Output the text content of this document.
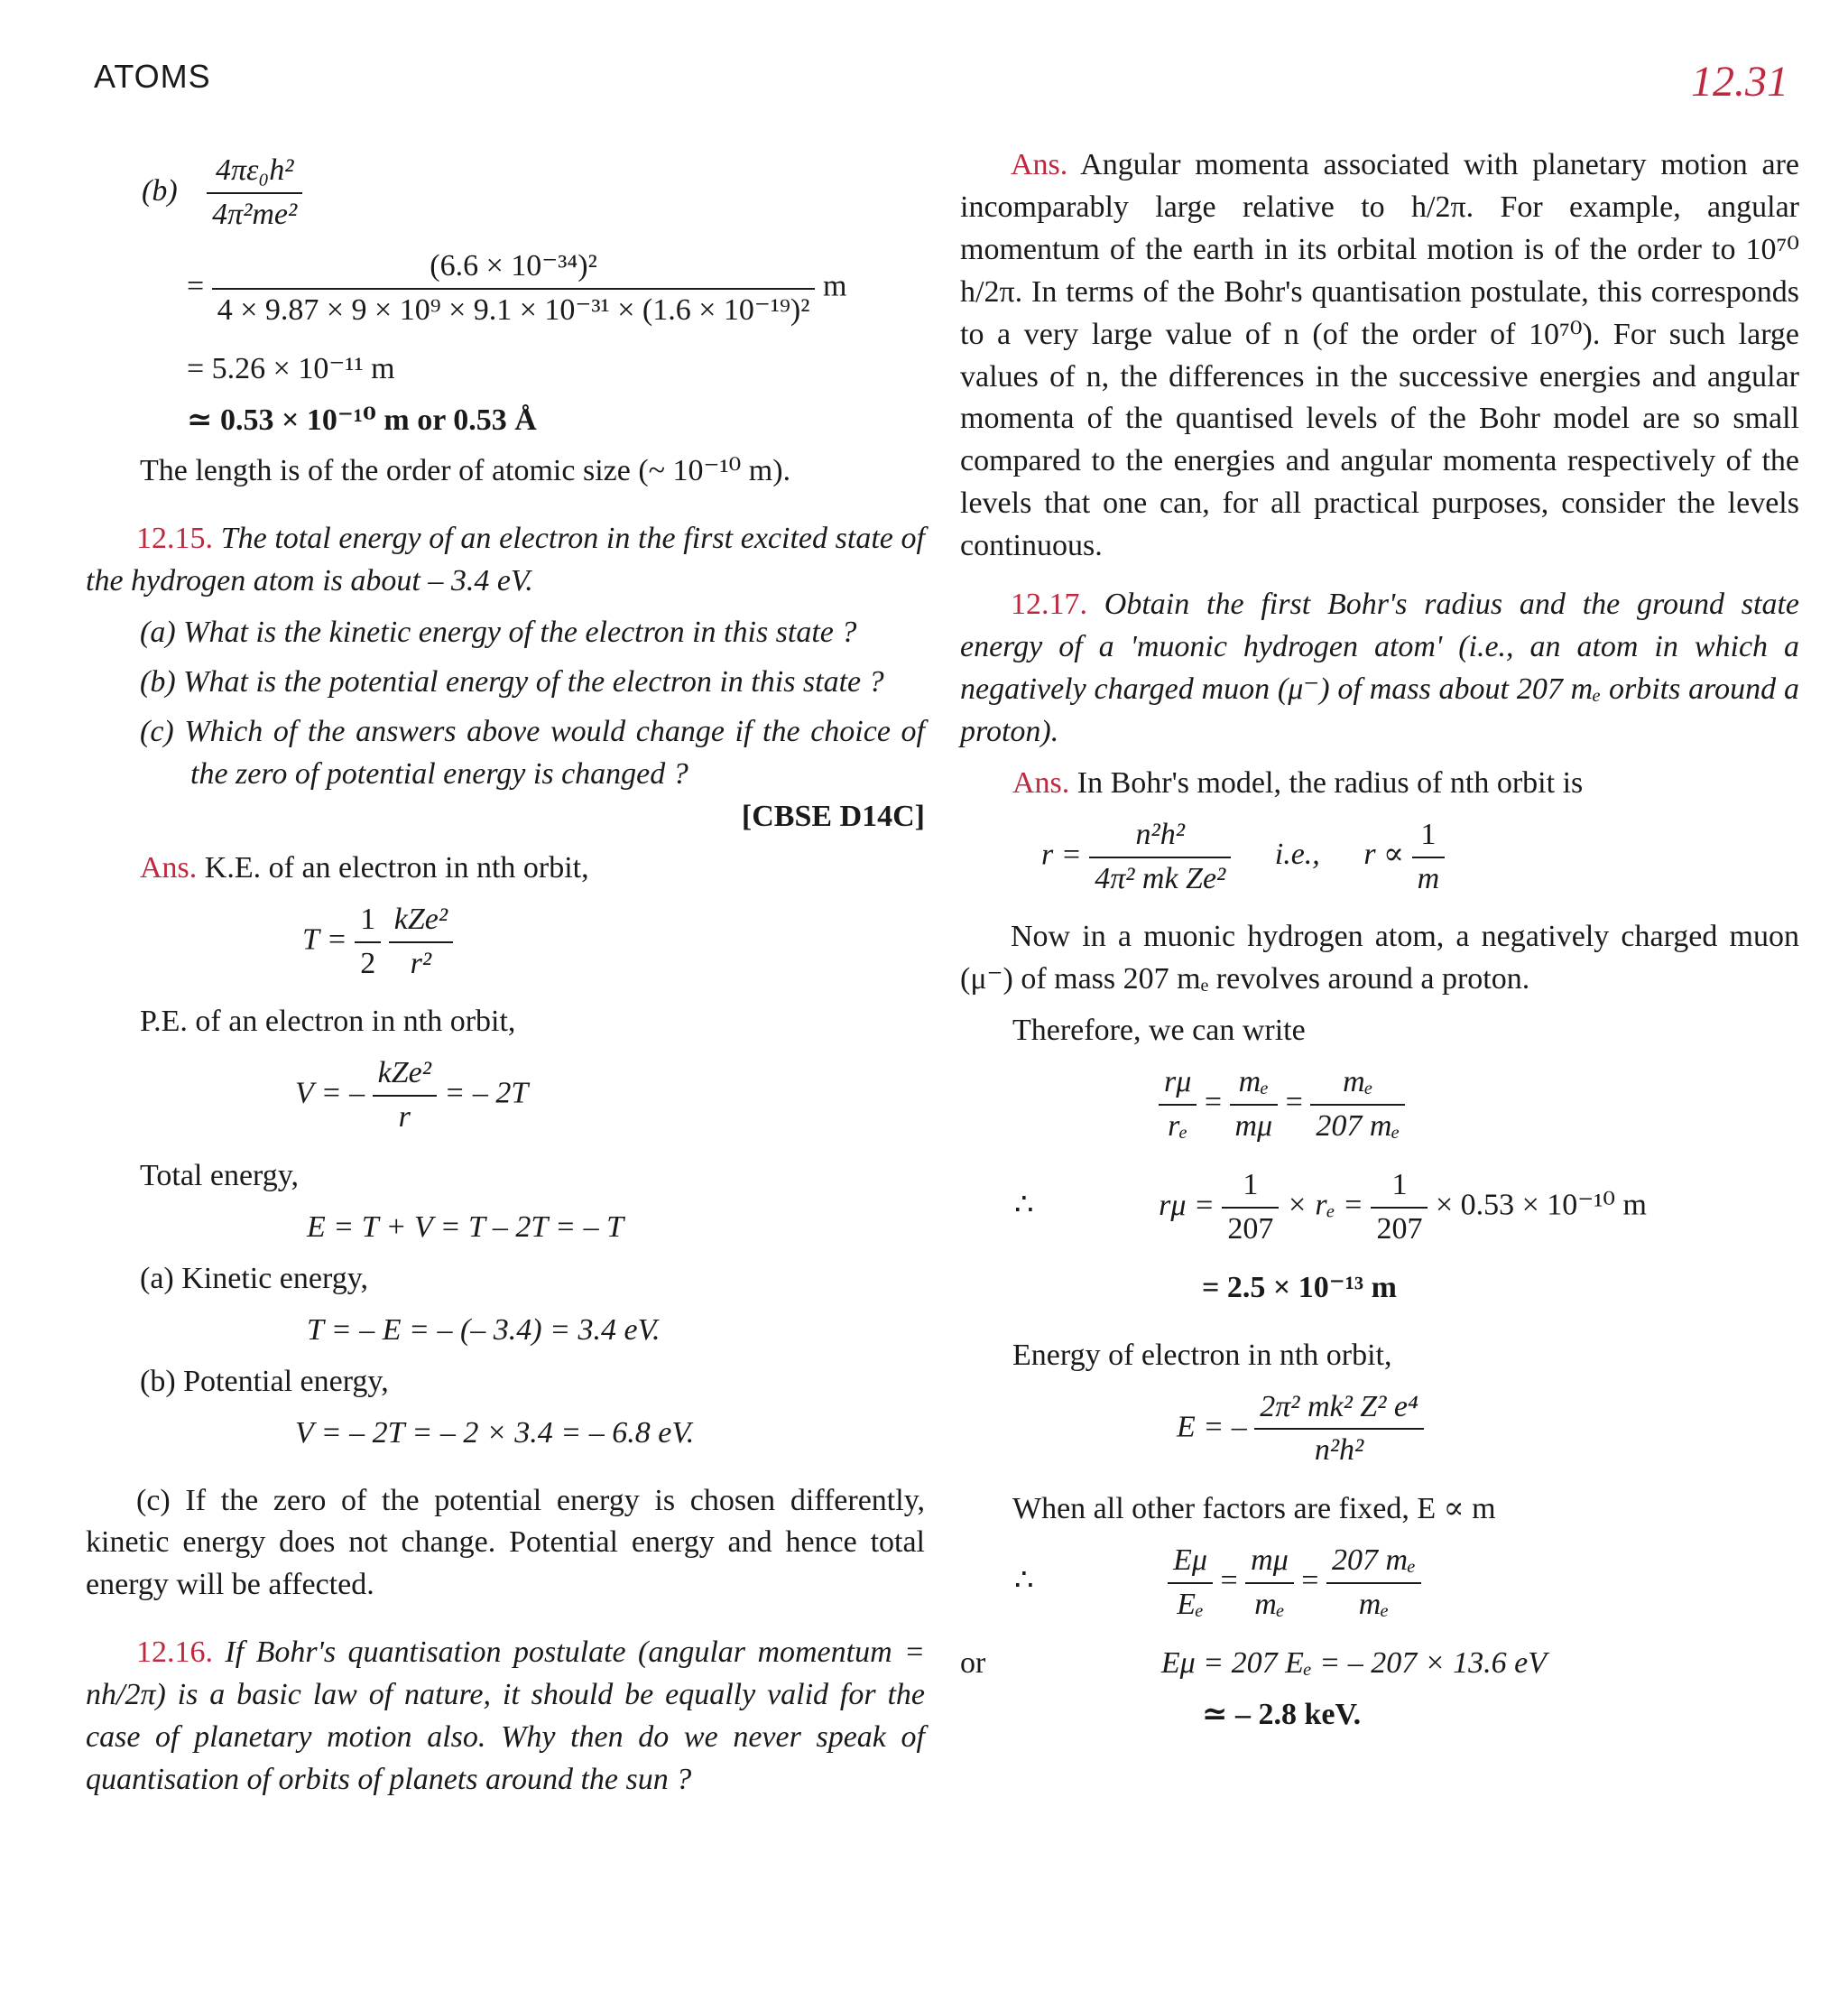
ATOMS	12.31
$(b) \frac{\text{4πε₀h²}}{\text{4π²me²}}$
= $\frac{\text{(6.6 × 10⁻³⁴)²}}{\text{4 × 9.87 × 9 × 10⁹ × 9.1 × 10⁻³¹ × (1.6 × 10⁻¹⁹)²}}$ m

= 5.26 × 10⁻¹¹ m

≃ 0.53 × 10⁻¹⁰ m or 0.53 Å

The length is of the order of atomic size (~ 10⁻¹⁰ m).

12.15. The total energy of an electron in the first excited state of the hydrogen atom is about – 3.4 eV.

(a) What is the kinetic energy of the electron in this state ?

(b) What is the potential energy of the electron in this state ?

(c) Which of the answers above would change if the choice of the zero of potential energy is changed ?

[CBSE D14C]

Ans. K.E. of an electron in nth orbit,

$T = \frac{1}{2}$
$\frac{\text{kZe²}}{\text{r²}}$

P.E. of an electron in nth orbit,

V = – $\frac{\text{kZe²}}{r}$ = – 2T

Total energy,

E = T + V = T – 2T = – T

(a) Kinetic energy,

T = – E = – (– 3.4) = 3.4 eV.

(b) Potential energy,

V = – 2T = – 2 × 3.4 = – 6.8 eV.

(c) If the zero of the potential energy is chosen differently, kinetic energy does not change. Potential energy and hence total energy will be affected.

12.16. If Bohr's quantisation postulate (angular momentum = nh/2π) is a basic law of nature, it should be equally valid for the case of planetary motion also. Why then do we never speak of quantisation of orbits of planets around the sun ?

Ans. Angular momenta associated with planetary motion are incomparably large relative to h/2π. For example, angular momentum of the earth in its orbital motion is of the order to 10⁷⁰ h/2π. In terms of the Bohr's quantisation postulate, this corresponds to a very large value of n (of the order of 10⁷⁰). For such large values of n, the differences in the successive energies and angular momenta of the quantised levels of the Bohr model are so small compared to the energies and angular momenta respectively of the levels that one can, for all practical purposes, consider the levels continuous.

12.17. Obtain the first Bohr's radius and the ground state energy of a 'muonic hydrogen atom' (i.e., an atom in which a negatively charged muon (μ⁻) of mass about 207 mₑ orbits around a proton).

Ans. In Bohr's model, the radius of nth orbit is

$r = \frac{\text{n²h²}}{\text{4π² mk Ze²}} i.e$., $r \propto \frac{1}{m}$

Now in a muonic hydrogen atom, a negatively charged muon (μ⁻) of mass 207 mₑ revolves around a proton.

Therefore, we can write

$\frac{r\mu}{\text{rₑ}} = \frac{\text{mₑ}}{m\mu} = \frac{\text{mₑ}}{\text{207 mₑ}}$
∴	$r\mu = \frac{1}{207} \times r_e = \frac{1}{207} \times 0.53 \times 10^{-10}$ m

= 2.5 × 10⁻¹³ m

Energy of electron in nth orbit,

E = – $\frac{\text{2π² mk² Z² e⁴}}{\text{n²h²}}$

When all other factors are fixed, E ∝ m

∴	$\frac{E\mu}{\text{Eₑ}} = \frac{m\mu}{\text{mₑ}} = \frac{\text{207 mₑ}}{\text{mₑ}}$

or	Eμ = 207 Eₑ = – 207 × 13.6 eV

≃ – 2.8 keV.
